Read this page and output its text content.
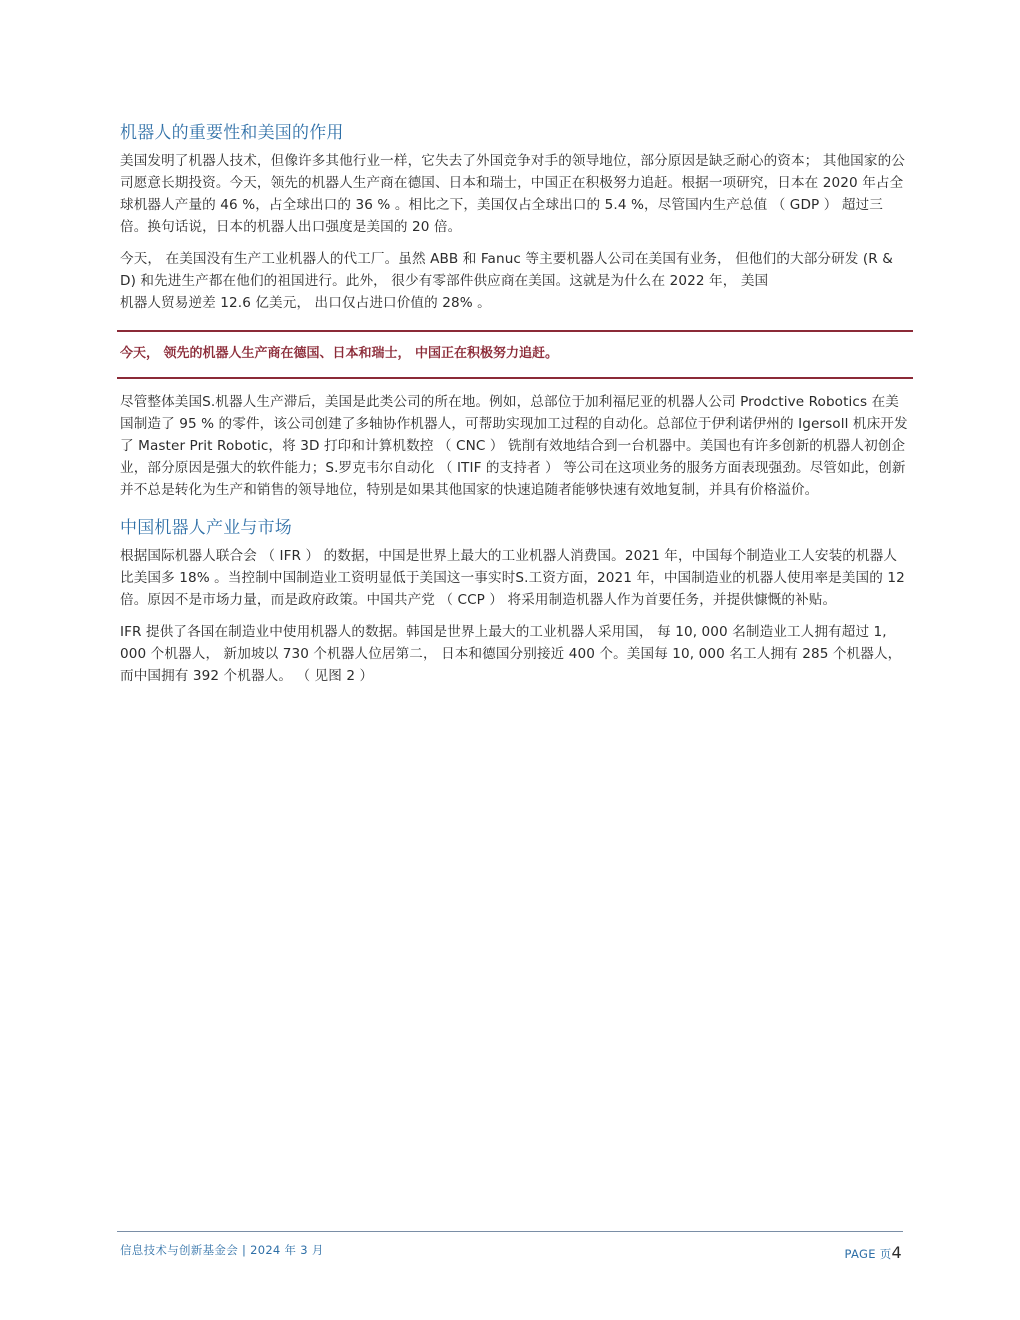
机器人的重要性和美国的作用

美国发明了机器人技术，但像许多其他行业一样，它失去了外国竞争对手的领导地位，部分原因是缺乏耐心的资本； 其他国家的公司愿意长期投资。今天，领先的机器人生产商在德国、日本和瑞士，中国正在积极努力追赶。根据一项研究，日本在 2020 年占全球机器人产量的 46 %，占全球出口的 36 % 。相比之下，美国仅占全球出口的 5.4 %，尽管国内生产总值 （ GDP ） 超过三倍。换句话说，日本的机器人出口强度是美国的 20 倍。

今天， 在美国没有生产工业机器人的代工厂。虽然 ABB 和 Fanuc 等主要机器人公司在美国有业务， 但他们的大部分研发 (R & D) 和先进生产都在他们的祖国进行。此外， 很少有零部件供应商在美国。这就是为什么在 2022 年， 美国

机器人贸易逆差 12.6 亿美元， 出口仅占进口价值的 28% 。

今天， 领先的机器人生产商在德国、日本和瑞士， 中国正在积极努力追赶。

尽管整体美国S.机器人生产滞后，美国是此类公司的所在地。例如，总部位于加利福尼亚的机器人公司 Prodctive Robotics 在美国制造了 95 % 的零件，该公司创建了多轴协作机器人，可帮助实现加工过程的自动化。总部位于伊利诺伊州的 Igersoll 机床开发了 Master Prit Robotic，将 3D 打印和计算机数控 （ CNC ） 铣削有效地结合到一台机器中。美国也有许多创新的机器人初创企业，部分原因是强大的软件能力；S.罗克韦尔自动化 （ ITIF 的支持者 ） 等公司在这项业务的服务方面表现强劲。尽管如此，创新并不总是转化为生产和销售的领导地位，特别是如果其他国家的快速追随者能够快速有效地复制，并具有价格溢价。

中国机器人产业与市场

根据国际机器人联合会 （ IFR ） 的数据，中国是世界上最大的工业机器人消费国。2021 年，中国每个制造业工人安装的机器人比美国多 18% 。当控制中国制造业工资明显低于美国这一事实时S.工资方面，2021 年，中国制造业的机器人使用率是美国的 12 倍。原因不是市场力量，而是政府政策。中国共产党 （ CCP ） 将采用制造机器人作为首要任务，并提供慷慨的补贴。

IFR 提供了各国在制造业中使用机器人的数据。韩国是世界上最大的工业机器人采用国， 每 10, 000 名制造业工人拥有超过 1, 000 个机器人， 新加坡以 730 个机器人位居第二， 日本和德国分别接近 400 个。美国每 10, 000 名工人拥有 285 个机器人， 而中国拥有 392 个机器人。 （ 见图 2 ）

信息技术与创新基金会 | 2024 年 3 月	PAGE 页4
